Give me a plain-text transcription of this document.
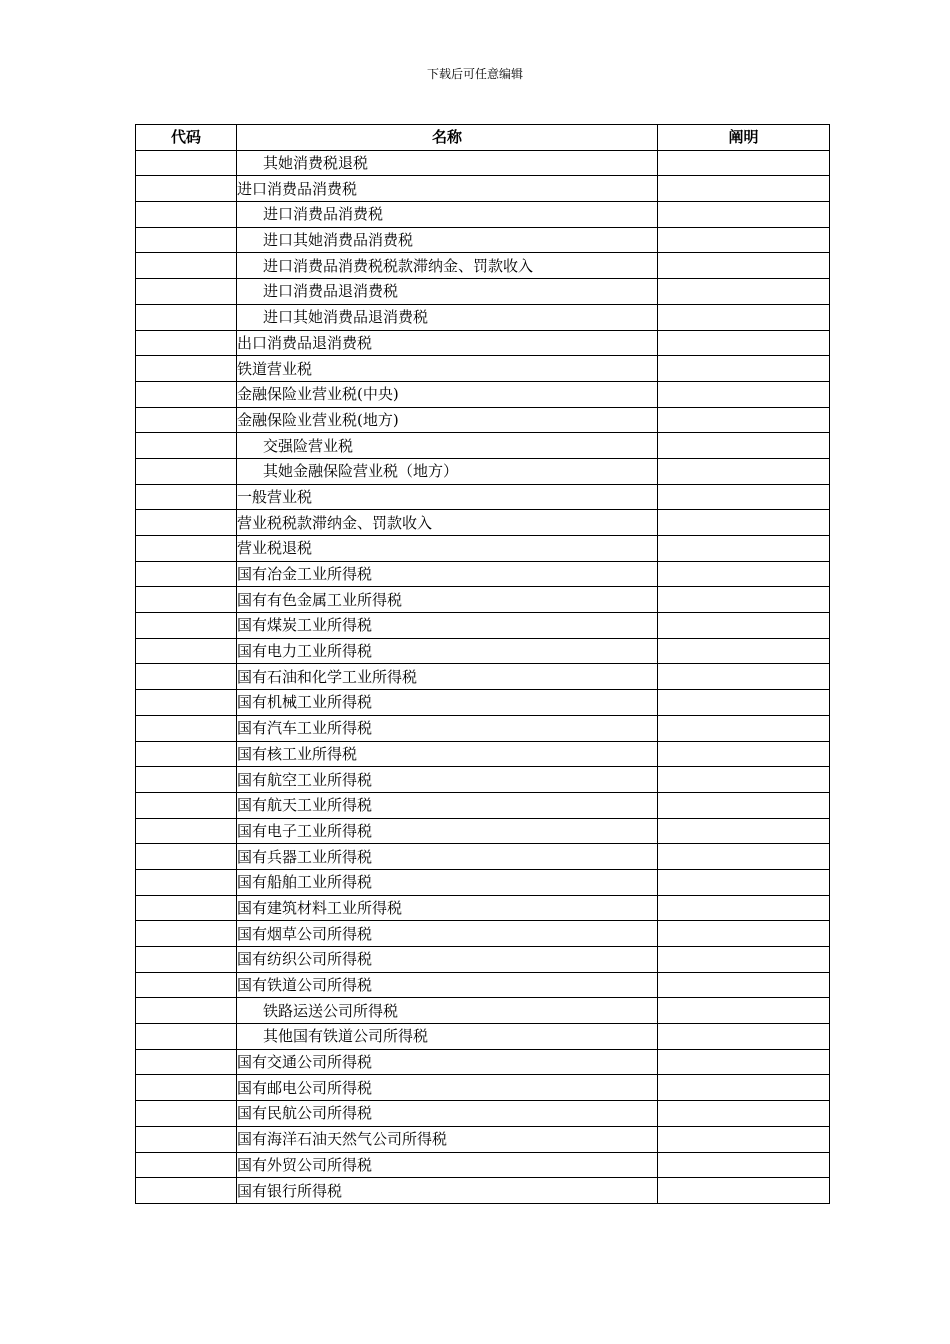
下载后可任意编辑
代码	名称	阐明
	其她消费税退税	
	进口消费品消费税	
	进口消费品消费税	
	进口其她消费品消费税	
	进口消费品消费税税款滞纳金、罚款收入	
	进口消费品退消费税	
	进口其她消费品退消费税	
	出口消费品退消费税	
	铁道营业税	
	金融保险业营业税(中央)	
	金融保险业营业税(地方)	
	交强险营业税	
	其她金融保险营业税（地方）	
	一般营业税	
	营业税税款滞纳金、罚款收入	
	营业税退税	
	国有冶金工业所得税	
	国有有色金属工业所得税	
	国有煤炭工业所得税	
	国有电力工业所得税	
	国有石油和化学工业所得税	
	国有机械工业所得税	
	国有汽车工业所得税	
	国有核工业所得税	
	国有航空工业所得税	
	国有航天工业所得税	
	国有电子工业所得税	
	国有兵器工业所得税	
	国有船舶工业所得税	
	国有建筑材料工业所得税	
	国有烟草公司所得税	
	国有纺织公司所得税	
	国有铁道公司所得税	
	铁路运送公司所得税	
	其他国有铁道公司所得税	
	国有交通公司所得税	
	国有邮电公司所得税	
	国有民航公司所得税	
	国有海洋石油天然气公司所得税	
	国有外贸公司所得税	
	国有银行所得税	
